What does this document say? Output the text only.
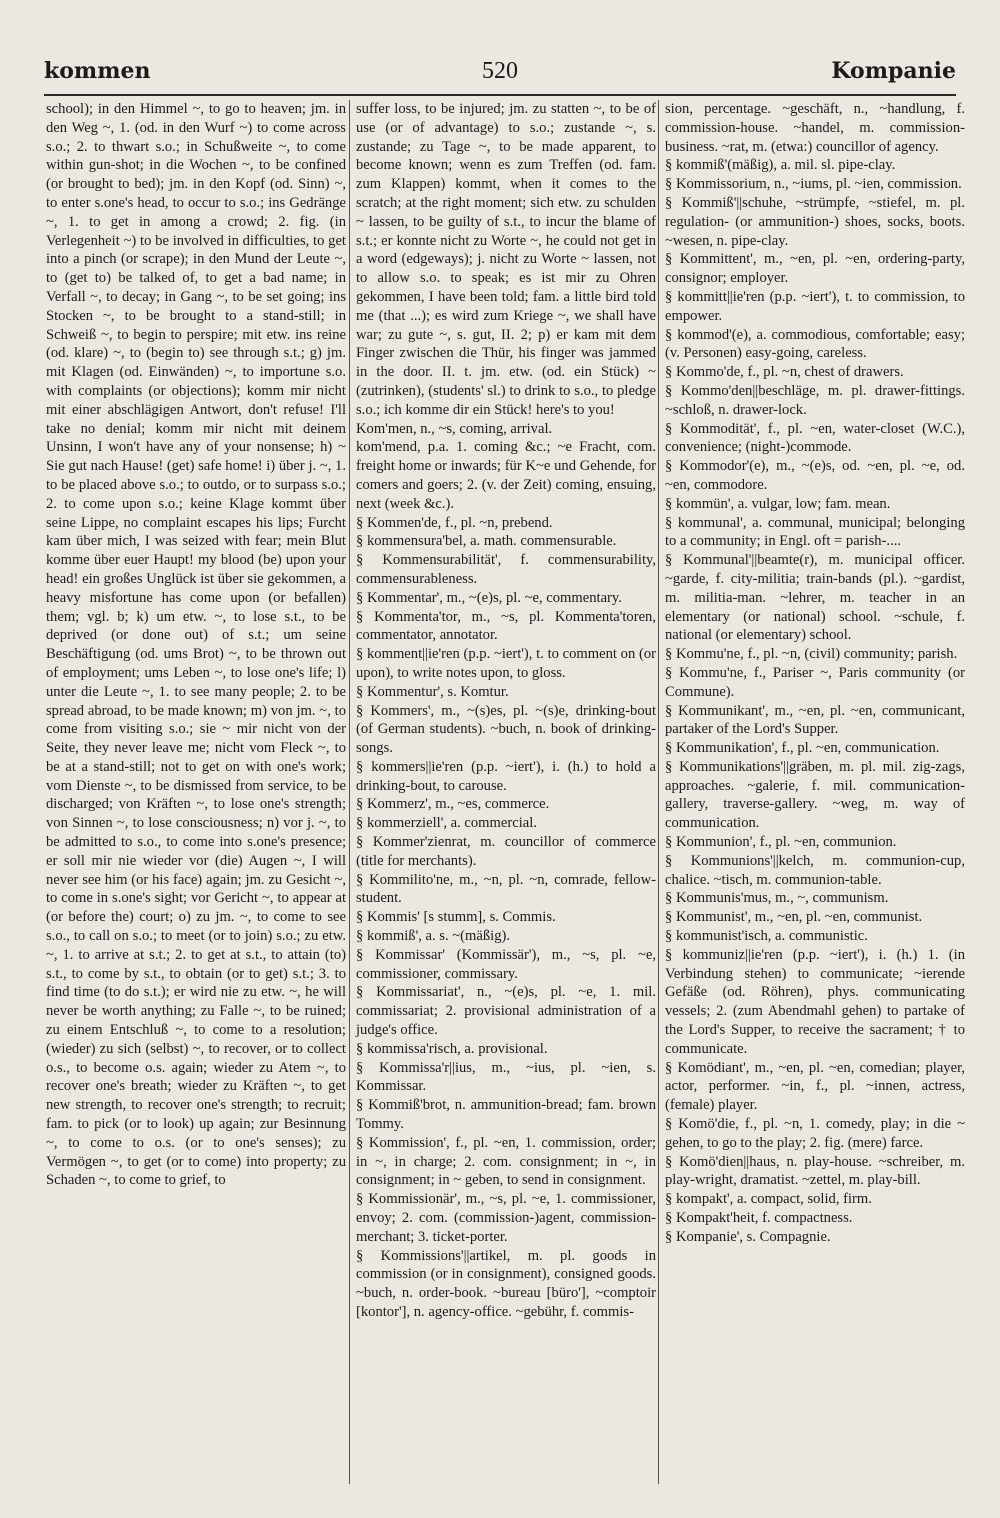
kommen	520	Kompanie

school); in den Himmel ~, to go to heaven; jm. in den Weg ~, 1. (od. in den Wurf ~) to come across s.o.; 2. to thwart s.o.; in Schußweite ~, to come within gun-shot; in die Wochen ~, to be confined (or brought to bed); jm. in den Kopf (od. Sinn) ~, to enter s.one's head, to occur to s.o.; ins Gedränge ~, 1. to get in among a crowd; 2. fig. (in Verlegenheit ~) to be involved in difficulties, to get into a pinch (or scrape); in den Mund der Leute ~, to (get to) be talked of, to get a bad name; in Verfall ~, to decay; in Gang ~, to be set going; ins Stocken ~, to be brought to a stand-still; in Schweiß ~, to begin to perspire; mit etw. ins reine (od. klare) ~, to (begin to) see through s.t.; g) jm. mit Klagen (od. Einwänden) ~, to importune s.o. with complaints (or objections); komm mir nicht mit einer abschlägigen Antwort, don't refuse! I'll take no denial; komm mir nicht mit deinem Unsinn, I won't have any of your nonsense; h) ~ Sie gut nach Hause! (get) safe home! i) über j. ~, 1. to be placed above s.o.; to outdo, or to surpass s.o.; 2. to come upon s.o.; keine Klage kommt über seine Lippe, no complaint escapes his lips; Furcht kam über mich, I was seized with fear; mein Blut komme über euer Haupt! my blood (be) upon your head! ein großes Unglück ist über sie gekommen, a heavy misfortune has come upon (or befallen) them; vgl. b; k) um etw. ~, to lose s.t., to be deprived (or done out) of s.t.; um seine Beschäftigung (od. ums Brot) ~, to be thrown out of employment; ums Leben ~, to lose one's life; l) unter die Leute ~, 1. to see many people; 2. to be spread abroad, to be made known; m) von jm. ~, to come from visiting s.o.; sie ~ mir nicht von der Seite, they never leave me; nicht vom Fleck ~, to be at a stand-still; not to get on with one's work; vom Dienste ~, to be dismissed from service, to be discharged; von Kräften ~, to lose one's strength; von Sinnen ~, to lose consciousness; n) vor j. ~, to be admitted to s.o., to come into s.one's presence; er soll mir nie wieder vor (die) Augen ~, I will never see him (or his face) again; jm. zu Gesicht ~, to come in s.one's sight; vor Gericht ~, to appear at (or before the) court; o) zu jm. ~, to come to see s.o., to call on s.o.; to meet (or to join) s.o.; zu etw. ~, 1. to arrive at s.t.; 2. to get at s.t., to attain (to) s.t., to come by s.t., to obtain (or to get) s.t.; 3. to find time (to do s.t.); er wird nie zu etw. ~, he will never be worth anything; zu Falle ~, to be ruined; zu einem Entschluß ~, to come to a resolution; (wieder) zu sich (selbst) ~, to recover, or to collect o.s., to become o.s. again; wieder zu Atem ~, to recover one's breath; wieder zu Kräften ~, to get new strength, to recover one's strength; to recruit; fam. to pick (or to look) up again; zur Besinnung ~, to come to o.s. (or to one's senses); zu Vermögen ~, to get (or to come) into property; zu Schaden ~, to come to grief, to

suffer loss, to be injured; jm. zu statten ~, to be of use (or of advantage) to s.o.; zustande ~, s. zustande; zu Tage ~, to be made apparent, to become known; wenn es zum Treffen (od. fam. zum Klappen) kommt, when it comes to the scratch; at the right moment; sich etw. zu schulden ~ lassen, to be guilty of s.t., to incur the blame of s.t.; er konnte nicht zu Worte ~, he could not get in a word (edgeways); j. nicht zu Worte ~ lassen, not to allow s.o. to speak; es ist mir zu Ohren gekommen, I have been told; fam. a little bird told me (that ...); es wird zum Kriege ~, we shall have war; zu gute ~, s. gut, II. 2; p) er kam mit dem Finger zwischen die Thür, his finger was jammed in the door. II. t. jm. etw. (od. ein Stück) ~ (zutrinken), (students' sl.) to drink to s.o., to pledge s.o.; ich komme dir ein Stück! here's to you!

Kom'men, n., ~s, coming, arrival.

kom'mend, p.a. 1. coming &c.; ~e Fracht, com. freight home or inwards; für K~e und Gehende, for comers and goers; 2. (v. der Zeit) coming, ensuing, next (week &c.).

§ Kommen'de, f., pl. ~n, prebend.

§ kommensura'bel, a. math. commensurable.

§ Kommensurabilität', f. commensurability, commensurableness.

§ Kommentar', m., ~(e)s, pl. ~e, commentary.

§ Kommenta'tor, m., ~s, pl. Kommenta'toren, commentator, annotator.

§ komment||ie'ren (p.p. ~iert'), t. to comment on (or upon), to write notes upon, to gloss.

§ Kommentur', s. Komtur.

§ Kommers', m., ~(s)es, pl. ~(s)e, drinking-bout (of German students). ~buch, n. book of drinking-songs.

§ kommers||ie'ren (p.p. ~iert'), i. (h.) to hold a drinking-bout, to carouse.

§ Kommerz', m., ~es, commerce.

§ kommerziell', a. commercial.

§ Kommer'zienrat, m. councillor of commerce (title for merchants).

§ Kommilito'ne, m., ~n, pl. ~n, comrade, fellow-student.

§ Kommis' [s stumm], s. Commis.

§ kommiß', a. s. ~(mäßig).

§ Kommissar' (Kommissär'), m., ~s, pl. ~e, commissioner, commissary.

§ Kommissariat', n., ~(e)s, pl. ~e, 1. mil. commissariat; 2. provisional administration of a judge's office.

§ kommissa'risch, a. provisional.

§ Kommissa'r||ius, m., ~ius, pl. ~ien, s. Kommissar.

§ Kommiß'brot, n. ammunition-bread; fam. brown Tommy.

§ Kommission', f., pl. ~en, 1. commission, order; in ~, in charge; 2. com. consignment; in ~, in consignment; in ~ geben, to send in consignment.

§ Kommissionär', m., ~s, pl. ~e, 1. commissioner, envoy; 2. com. (commission-)agent, commission-merchant; 3. ticket-porter.

§ Kommissions'||artikel, m. pl. goods in commission (or in consignment), consigned goods. ~buch, n. order-book. ~bureau [büro'], ~comptoir [kontor'], n. agency-office. ~gebühr, f. commis-

sion, percentage. ~geschäft, n., ~handlung, f. commission-house. ~handel, m. commission-business. ~rat, m. (etwa:) councillor of agency.

§ kommiß'(mäßig), a. mil. sl. pipe-clay.

§ Kommissorium, n., ~iums, pl. ~ien, commission.

§ Kommiß'||schuhe, ~strümpfe, ~stiefel, m. pl. regulation- (or ammunition-) shoes, socks, boots. ~wesen, n. pipe-clay.

§ Kommittent', m., ~en, pl. ~en, ordering-party, consignor; employer.

§ kommitt||ie'ren (p.p. ~iert'), t. to commission, to empower.

§ kommod'(e), a. commodious, comfortable; easy; (v. Personen) easy-going, careless.

§ Kommo'de, f., pl. ~n, chest of drawers.

§ Kommo'den||beschläge, m. pl. drawer-fittings. ~schloß, n. drawer-lock.

§ Kommodität', f., pl. ~en, water-closet (W.C.), convenience; (night-)commode.

§ Kommodor'(e), m., ~(e)s, od. ~en, pl. ~e, od. ~en, commodore.

§ kommün', a. vulgar, low; fam. mean.

§ kommunal', a. communal, municipal; belonging to a community; in Engl. oft = parish-....

§ Kommunal'||beamte(r), m. municipal officer. ~garde, f. city-militia; train-bands (pl.). ~gardist, m. militia-man. ~lehrer, m. teacher in an elementary (or national) school. ~schule, f. national (or elementary) school.

§ Kommu'ne, f., pl. ~n, (civil) community; parish.

§ Kommu'ne, f., Pariser ~, Paris community (or Commune).

§ Kommunikant', m., ~en, pl. ~en, communicant, partaker of the Lord's Supper.

§ Kommunikation', f., pl. ~en, communication.

§ Kommunikations'||gräben, m. pl. mil. zig-zags, approaches. ~galerie, f. mil. communication-gallery, traverse-gallery. ~weg, m. way of communication.

§ Kommunion', f., pl. ~en, communion.

§ Kommunions'||kelch, m. communion-cup, chalice. ~tisch, m. communion-table.

§ Kommunis'mus, m., ~, communism.

§ Kommunist', m., ~en, pl. ~en, communist.

§ kommunist'isch, a. communistic.

§ kommuniz||ie'ren (p.p. ~iert'), i. (h.) 1. (in Verbindung stehen) to communicate; ~ierende Gefäße (od. Röhren), phys. communicating vessels; 2. (zum Abendmahl gehen) to partake of the Lord's Supper, to receive the sacrament; † to communicate.

§ Komödiant', m., ~en, pl. ~en, comedian; player, actor, performer. ~in, f., pl. ~innen, actress, (female) player.

§ Komö'die, f., pl. ~n, 1. comedy, play; in die ~ gehen, to go to the play; 2. fig. (mere) farce.

§ Komö'dien||haus, n. play-house. ~schreiber, m. play-wright, dramatist. ~zettel, m. play-bill.

§ kompakt', a. compact, solid, firm.

§ Kompakt'heit, f. compactness.

§ Kompanie', s. Compagnie.
